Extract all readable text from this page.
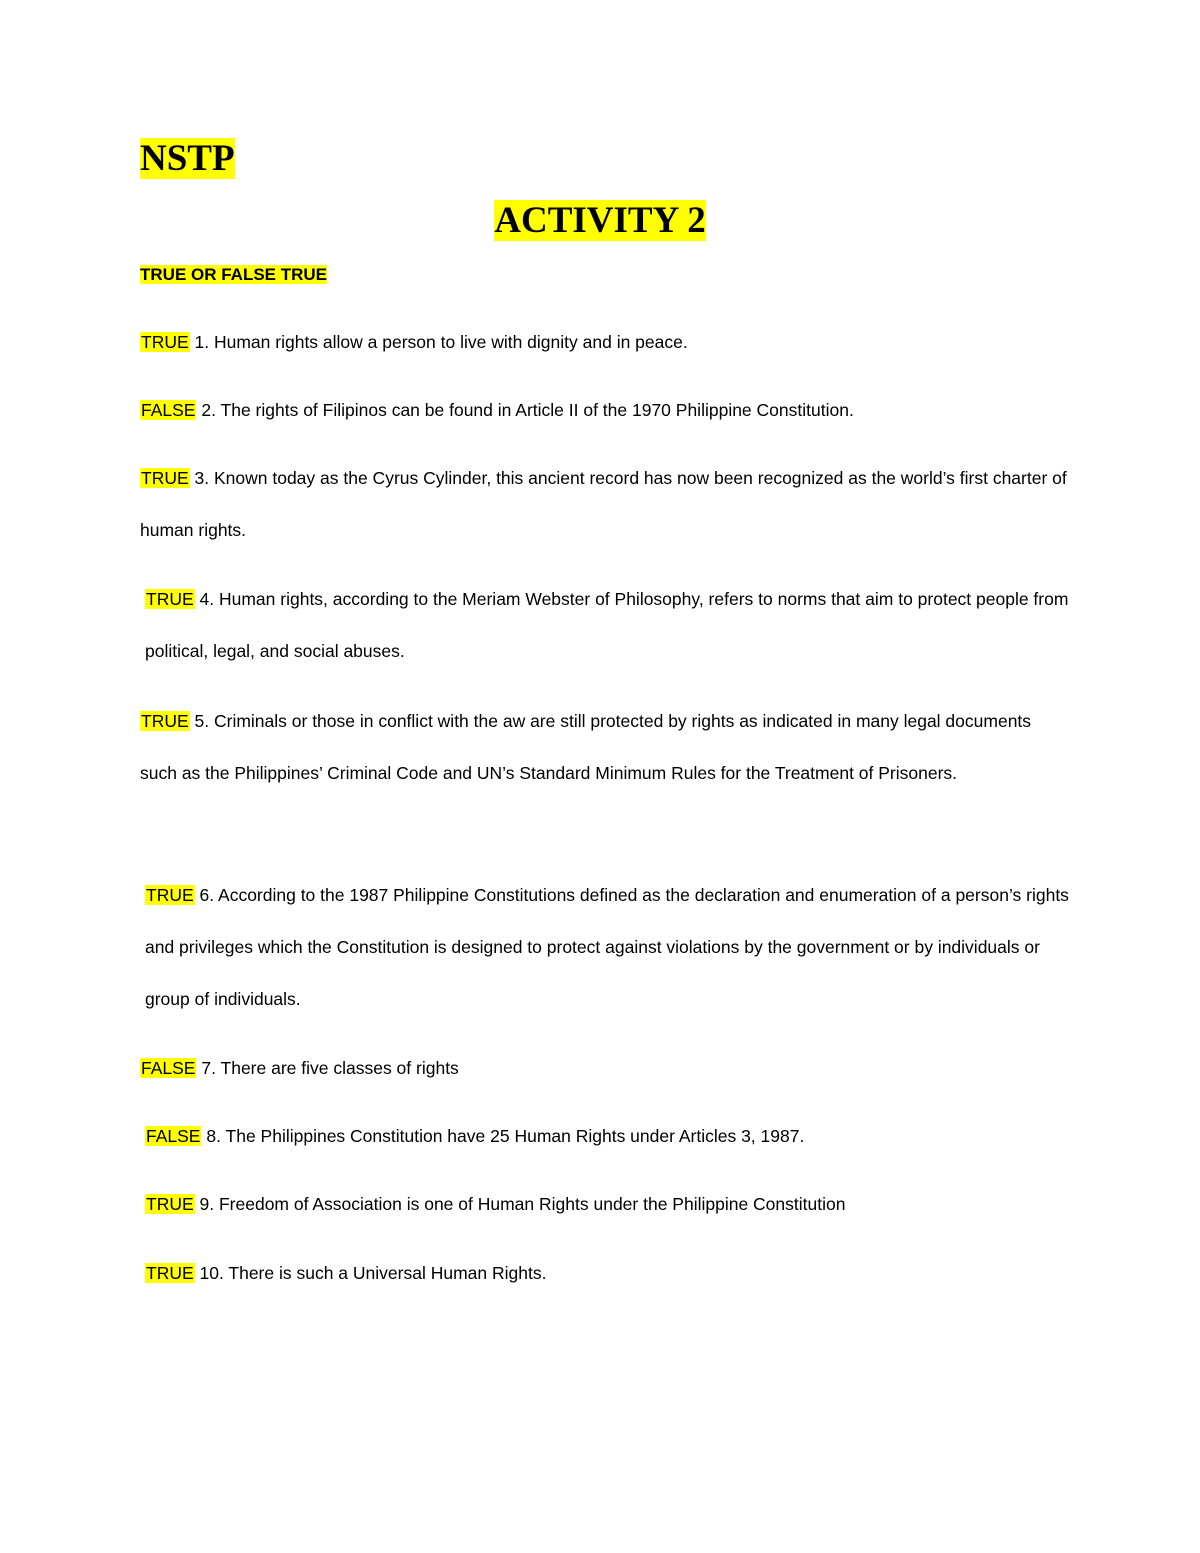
NSTP
ACTIVITY 2
TRUE OR FALSE TRUE
TRUE 1. Human rights allow a person to live with dignity and in peace.
FALSE 2. The rights of Filipinos can be found in Article II of the 1970 Philippine Constitution.
TRUE 3. Known today as the Cyrus Cylinder, this ancient record has now been recognized as the world’s first charter of human rights.
TRUE 4. Human rights, according to the Meriam Webster of Philosophy, refers to norms that aim to protect people from political, legal, and social abuses.
TRUE 5. Criminals or those in conflict with the aw are still protected by rights as indicated in many legal documents such as the Philippines’ Criminal Code and UN’s Standard Minimum Rules for the Treatment of Prisoners.
TRUE 6. According to the 1987 Philippine Constitutions defined as the declaration and enumeration of a person’s rights and privileges which the Constitution is designed to protect against violations by the government or by individuals or group of individuals.
FALSE 7. There are five classes of rights
FALSE 8. The Philippines Constitution have 25 Human Rights under Articles 3, 1987.
TRUE 9. Freedom of Association is one of Human Rights under the Philippine Constitution
TRUE 10. There is such a Universal Human Rights.
